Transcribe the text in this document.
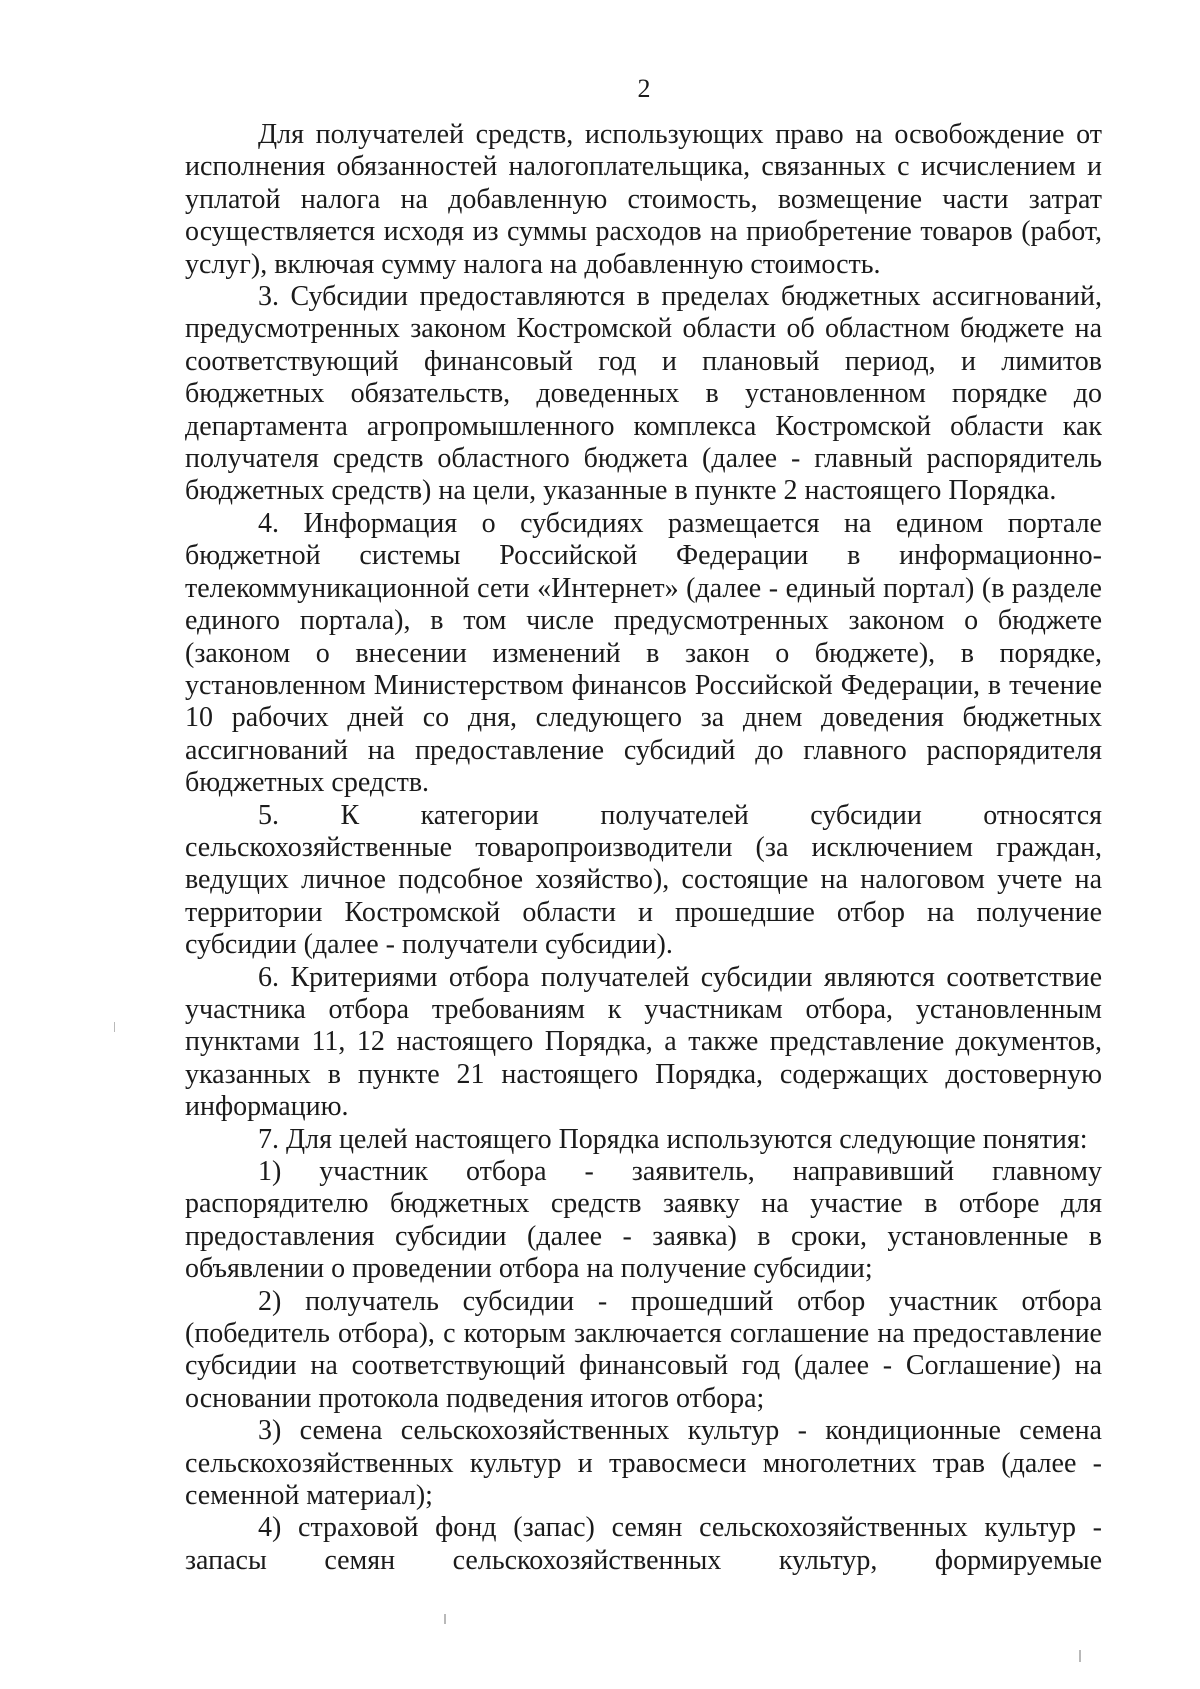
2

Для получателей средств, использующих право на освобождение от исполнения обязанностей налогоплательщика, связанных с исчислением и уплатой налога на добавленную стоимость, возмещение части затрат осуществляется исходя из суммы расходов на приобретение товаров (работ, услуг), включая сумму налога на добавленную стоимость.

3. Субсидии предоставляются в пределах бюджетных ассигнований, предусмотренных законом Костромской области об областном бюджете на соответствующий финансовый год и плановый период, и лимитов бюджетных обязательств, доведенных в установленном порядке до департамента агропромышленного комплекса Костромской области как получателя средств областного бюджета (далее - главный распорядитель бюджетных средств) на цели, указанные в пункте 2 настоящего Порядка.

4. Информация о субсидиях размещается на едином портале бюджетной системы Российской Федерации в информационно-телекоммуникационной сети «Интернет» (далее - единый портал) (в разделе единого портала), в том числе предусмотренных законом о бюджете (законом о внесении изменений в закон о бюджете), в порядке, установленном Министерством финансов Российской Федерации, в течение 10 рабочих дней со дня, следующего за днем доведения бюджетных ассигнований на предоставление субсидий до главного распорядителя бюджетных средств.

5. К категории получателей субсидии относятся сельскохозяйственные товаропроизводители (за исключением граждан, ведущих личное подсобное хозяйство), состоящие на налоговом учете на территории Костромской области и прошедшие отбор на получение субсидии (далее - получатели субсидии).

6. Критериями отбора получателей субсидии являются соответствие участника отбора требованиям к участникам отбора, установленным пунктами 11, 12 настоящего Порядка, а также представление документов, указанных в пункте 21 настоящего Порядка, содержащих достоверную информацию.

7. Для целей настоящего Порядка используются следующие понятия:

1) участник отбора - заявитель, направивший главному распорядителю бюджетных средств заявку на участие в отборе для предоставления субсидии (далее - заявка) в сроки, установленные в объявлении о проведении отбора на получение субсидии;

2) получатель субсидии - прошедший отбор участник отбора (победитель отбора), с которым заключается соглашение на предоставление субсидии на соответствующий финансовый год (далее - Соглашение) на основании протокола подведения итогов отбора;

3) семена сельскохозяйственных культур - кондиционные семена сельскохозяйственных культур и травосмеси многолетних трав (далее - семенной материал);

4) страховой фонд (запас) семян сельскохозяйственных культур - запасы семян сельскохозяйственных культур, формируемые
